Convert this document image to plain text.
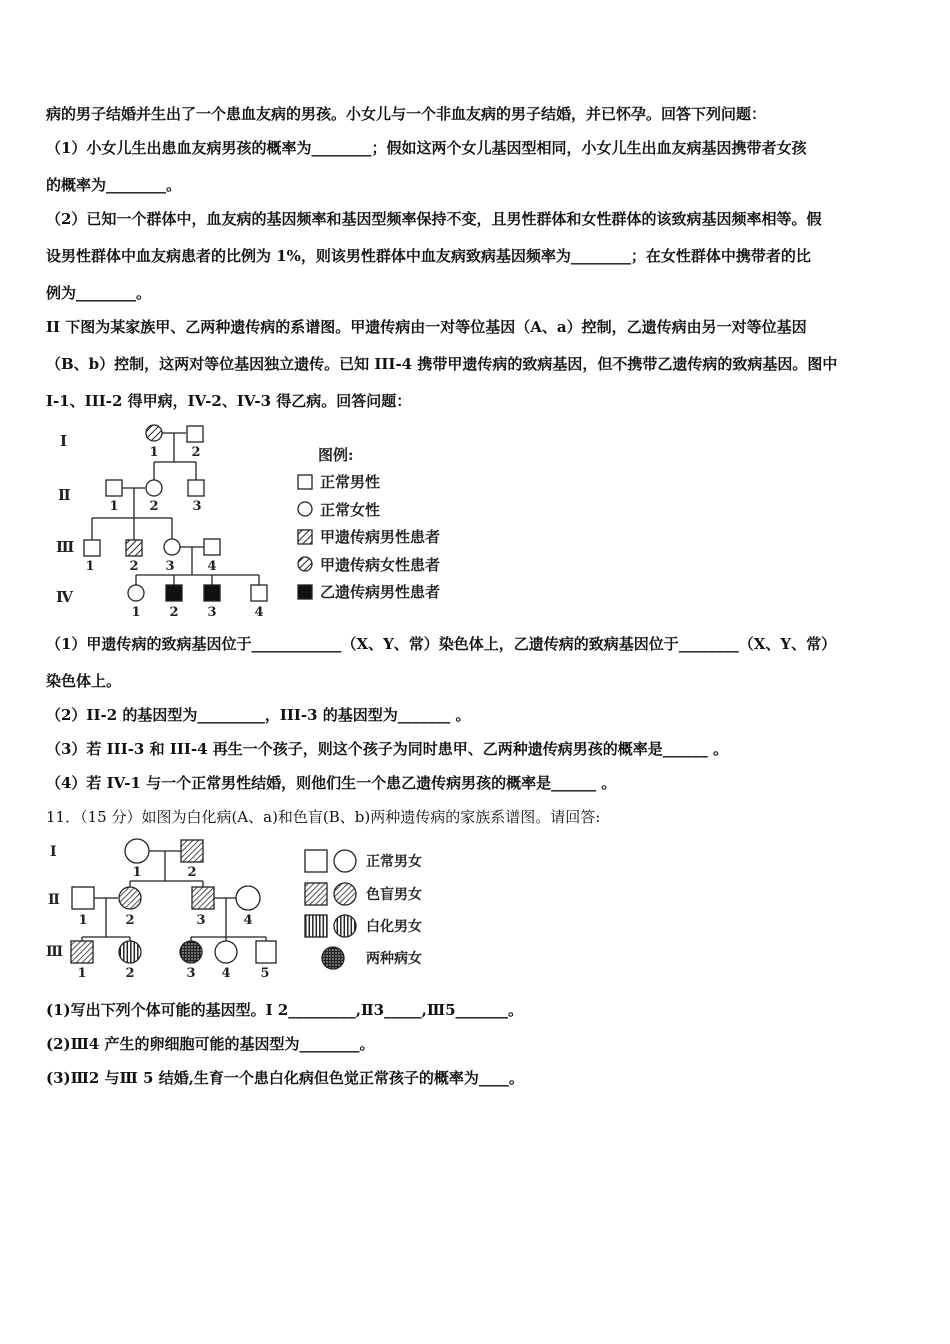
病的男子结婚并生出了一个患血友病的男孩。小女儿与一个非血友病的男子结婚，并已怀孕。回答下列问题：
（1）小女儿生出患血友病男孩的概率为________；假如这两个女儿基因型相同，小女儿生出血友病基因携带者女孩
的概率为________。
（2）已知一个群体中，血友病的基因频率和基因型频率保持不变，且男性群体和女性群体的该致病基因频率相等。假
设男性群体中血友病患者的比例为 1%，则该男性群体中血友病致病基因频率为________；在女性群体中携带者的比
例为________。
II 下图为某家族甲、乙两种遗传病的系谱图。甲遗传病由一对等位基因（A、a）控制，乙遗传病由另一对等位基因
（B、b）控制，这两对等位基因独立遗传。已知 III-4 携带甲遗传病的致病基因，但不携带乙遗传病的致病基因。图中
I-1、III-2 得甲病，IV-2、IV-3 得乙病。回答问题：
Ⅰ
Ⅱ
Ⅲ
Ⅳ
1	2
1 2	3
1	2 3	4
1 2 3	4
图例:
正常男性
正常女性
甲遗传病男性患者
甲遗传病女性患者
乙遗传病男性患者
（1）甲遗传病的致病基因位于____________（X、Y、常）染色体上，乙遗传病的致病基因位于________（X、Y、常）
染色体上。
（2）II-2 的基因型为_________，III-3 的基因型为_______ 。
（3）若 III-3 和 III-4 再生一个孩子，则这个孩子为同时患甲、乙两种遗传病男孩的概率是______ 。
（4）若 IV-1 与一个正常男性结婚，则他们生一个患乙遗传病男孩的概率是______ 。
11．（15 分）如图为白化病(A、a)和色盲(B、b)两种遗传病的家族系谱图。请回答:
Ⅰ
Ⅱ
Ⅲ
1	2
1	2	3	4
1	2	3 4 5
正常男女
色盲男女
白化男女
两种病女
(1)写出下列个体可能的基因型。Ⅰ 2_________,Ⅱ3_____,Ⅲ5_______。
(2)Ⅲ4 产生的卵细胞可能的基因型为________。
(3)Ⅲ2 与Ⅲ 5 结婚,生育一个患白化病但色觉正常孩子的概率为____。
